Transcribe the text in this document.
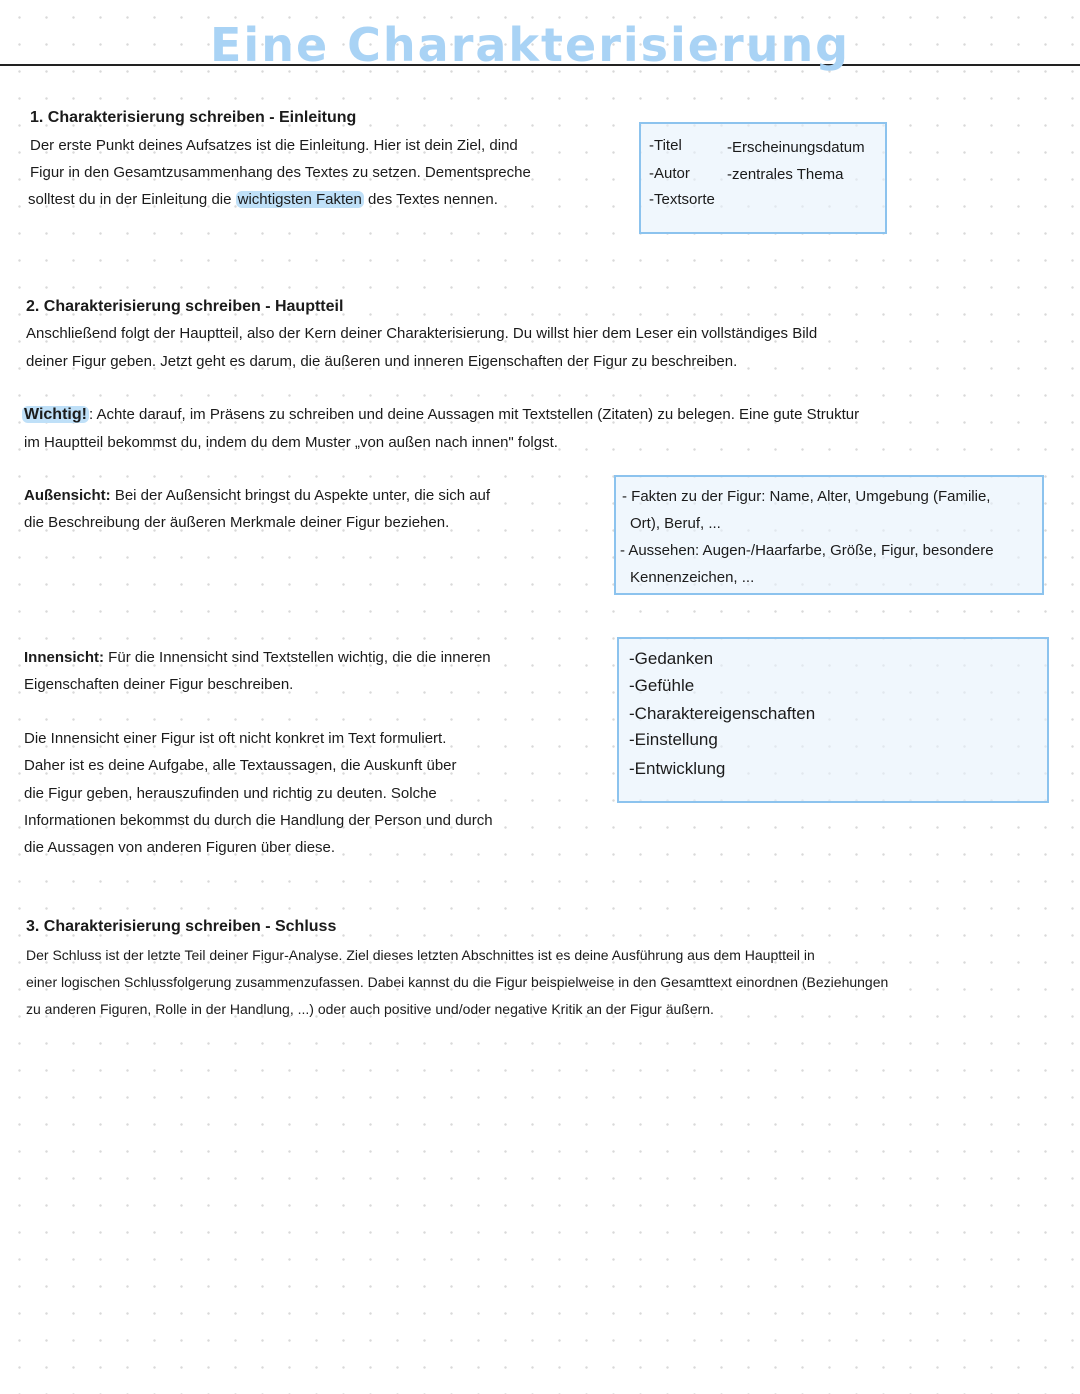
Eine Charakterisierung
1. Charakterisierung schreiben - Einleitung
Der erste Punkt deines Aufsatzes ist die Einleitung. Hier ist dein Ziel, dind
Figur in den Gesamtzusammenhang des Textes zu setzen. Dementspreche
solltest du in der Einleitung die wichtigsten Fakten des Textes nennen.
-Titel	-Erscheinungsdatum
-Autor -zentrales Thema
-Textsorte
2. Charakterisierung schreiben - Hauptteil
Anschließend folgt der Hauptteil, also der Kern deiner Charakterisierung. Du willst hier dem Leser ein vollständiges Bild
deiner Figur geben. Jetzt geht es darum, die äußeren und inneren Eigenschaften der Figur zu beschreiben.
Wichtig! : Achte darauf, im Präsens zu schreiben und deine Aussagen mit Textstellen (Zitaten) zu belegen. Eine gute Struktur
im Hauptteil bekommst du, indem du dem Muster „von außen nach innen" folgst.
Außensicht: Bei der Außensicht bringst du Aspekte unter, die sich auf
die Beschreibung der äußeren Merkmale deiner Figur beziehen.
- Fakten zu der Figur: Name, Alter, Umgebung (Familie,
Ort), Beruf, ...
- Aussehen: Augen-/Haarfarbe, Größe, Figur, besondere
Kennenzeichen, ...
Innensicht: Für die Innensicht sind Textstellen wichtig, die die inneren
Eigenschaften deiner Figur beschreiben.
Die Innensicht einer Figur ist oft nicht konkret im Text formuliert.
Daher ist es deine Aufgabe, alle Textaussagen, die Auskunft über
die Figur geben, herauszufinden und richtig zu deuten. Solche
Informationen bekommst du durch die Handlung der Person und durch
die Aussagen von anderen Figuren über diese.
-Gedanken
-Gefühle
-Charaktereigenschaften
-Einstellung
-Entwicklung
3. Charakterisierung schreiben - Schluss
Der Schluss ist der letzte Teil deiner Figur-Analyse. Ziel dieses letzten Abschnittes ist es deine Ausführung aus dem Hauptteil in
einer logischen Schlussfolgerung zusammenzufassen. Dabei kannst du die Figur beispielweise in den Gesamttext einordnen (Beziehungen
zu anderen Figuren, Rolle in der Handlung, ...) oder auch positive und/oder negative Kritik an der Figur äußern.
